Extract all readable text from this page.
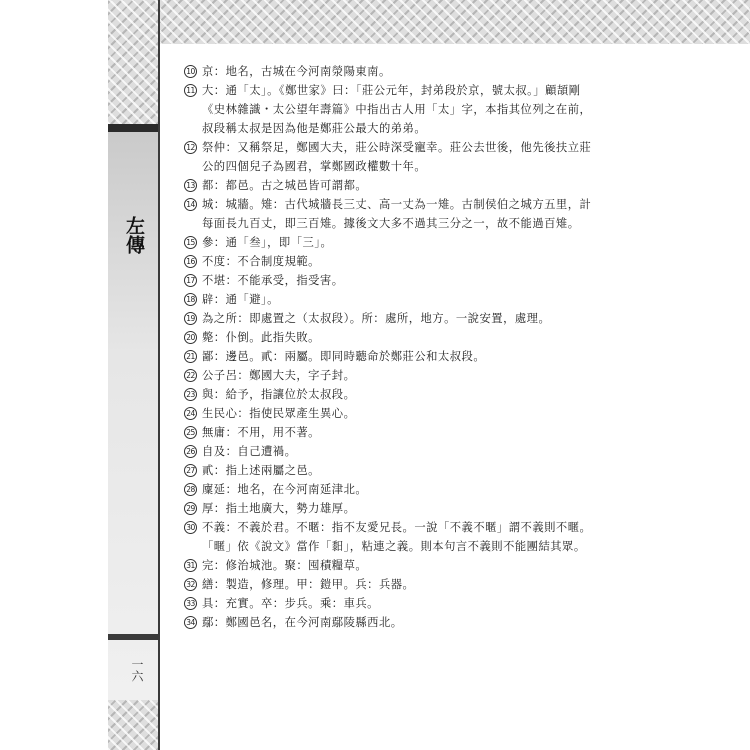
左傳
一六
10 京：地名，古城在今河南滎陽東南。
11 大：通「太」。《鄭世家》曰：「莊公元年，封弟段於京，號太叔。」顧頡剛《史林雜識・太公望年壽篇》中指出古人用「太」字，本指其位列之在前，叔段稱太叔是因為他是鄭莊公最大的弟弟。
12 祭仲：又稱祭足，鄭國大夫，莊公時深受寵幸。莊公去世後，他先後扶立莊公的四個兒子為國君，掌鄭國政權數十年。
13 都：都邑。古之城邑皆可謂都。
14 城：城牆。雉：古代城牆長三丈、高一丈為一雉。古制侯伯之城方五里，計每面長九百丈，即三百雉。據後文大多不過其三分之一，故不能過百雉。
15 參：通「叁」，即「三」。
16 不度：不合制度規範。
17 不堪：不能承受，指受害。
18 辟：通「避」。
19 為之所：即處置之（太叔段）。所：處所，地方。一說安置，處理。
20 斃：仆倒。此指失敗。
21 鄙：邊邑。貳：兩屬。即同時聽命於鄭莊公和太叔段。
22 公子呂：鄭國大夫，字子封。
23 與：給予，指讓位於太叔段。
24 生民心：指使民眾產生異心。
25 無庸：不用，用不著。
26 自及：自己遭禍。
27 貳：指上述兩屬之邑。
28 廩延：地名，在今河南延津北。
29 厚：指土地廣大，勢力雄厚。
30 不義：不義於君。不暱：指不友愛兄長。一說「不義不暱」謂不義則不暱。「暱」依《說文》當作「䵒」，粘連之義。則本句言不義則不能團結其眾。
31 完：修治城池。聚：囤積糧草。
32 繕：製造，修理。甲：鎧甲。兵：兵器。
33 具：充實。卒：步兵。乘：車兵。
34 鄢：鄭國邑名，在今河南鄢陵縣西北。
